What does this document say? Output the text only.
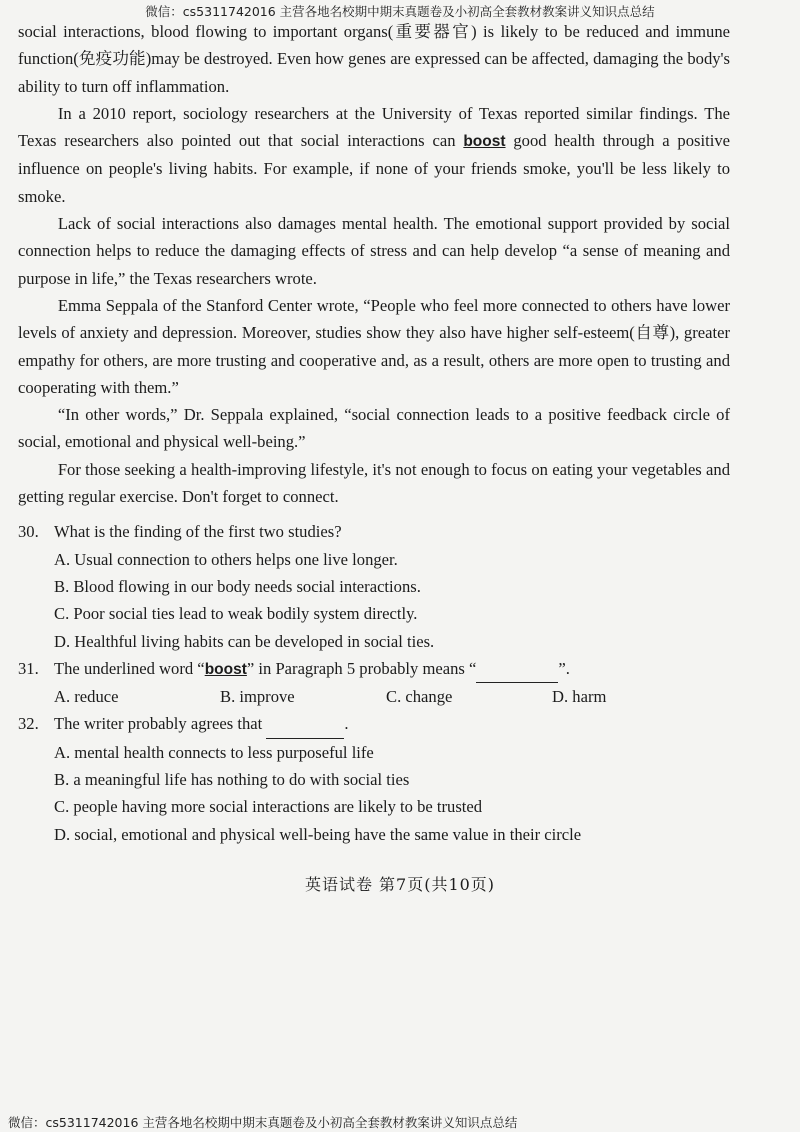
微信：cs5311742016 主营各地名校期中期末真题卷及小初高全套教材教案讲义知识点总结

social interactions, blood flowing to important organs(重要器官) is likely to be reduced and immune function(免疫功能)may be destroyed. Even how genes are expressed can be affected, damaging the body's ability to turn off inflammation.

In a 2010 report, sociology researchers at the University of Texas reported similar findings. The Texas researchers also pointed out that social interactions can boost good health through a positive influence on people's living habits. For example, if none of your friends smoke, you'll be less likely to smoke.

Lack of social interactions also damages mental health. The emotional support provided by social connection helps to reduce the damaging effects of stress and can help develop “a sense of meaning and purpose in life,” the Texas researchers wrote.

Emma Seppala of the Stanford Center wrote, “People who feel more connected to others have lower levels of anxiety and depression. Moreover, studies show they also have higher self-esteem(自尊), greater empathy for others, are more trusting and cooperative and, as a result, others are more open to trusting and cooperating with them.”

“In other words,” Dr. Seppala explained, “social connection leads to a positive feedback circle of social, emotional and physical well-being.”

For those seeking a health-improving lifestyle, it's not enough to focus on eating your vegetables and getting regular exercise. Don't forget to connect.

30. What is the finding of the first two studies?

A. Usual connection to others helps one live longer.

B. Blood flowing in our body needs social interactions.

C. Poor social ties lead to weak bodily system directly.

D. Healthful living habits can be developed in social ties.

31. The underlined word “boost” in Paragraph 5 probably means “	”.

A. reduce	B. improve	C. change	D. harm

32. The writer probably agrees that	.

A. mental health connects to less purposeful life

B. a meaningful life has nothing to do with social ties

C. people having more social interactions are likely to be trusted

D. social, emotional and physical well-being have the same value in their circle

英语试卷 第7页(共10页)
微信：cs5311742016 主营各地名校期中期末真题卷及小初高全套教材教案讲义知识点总结
